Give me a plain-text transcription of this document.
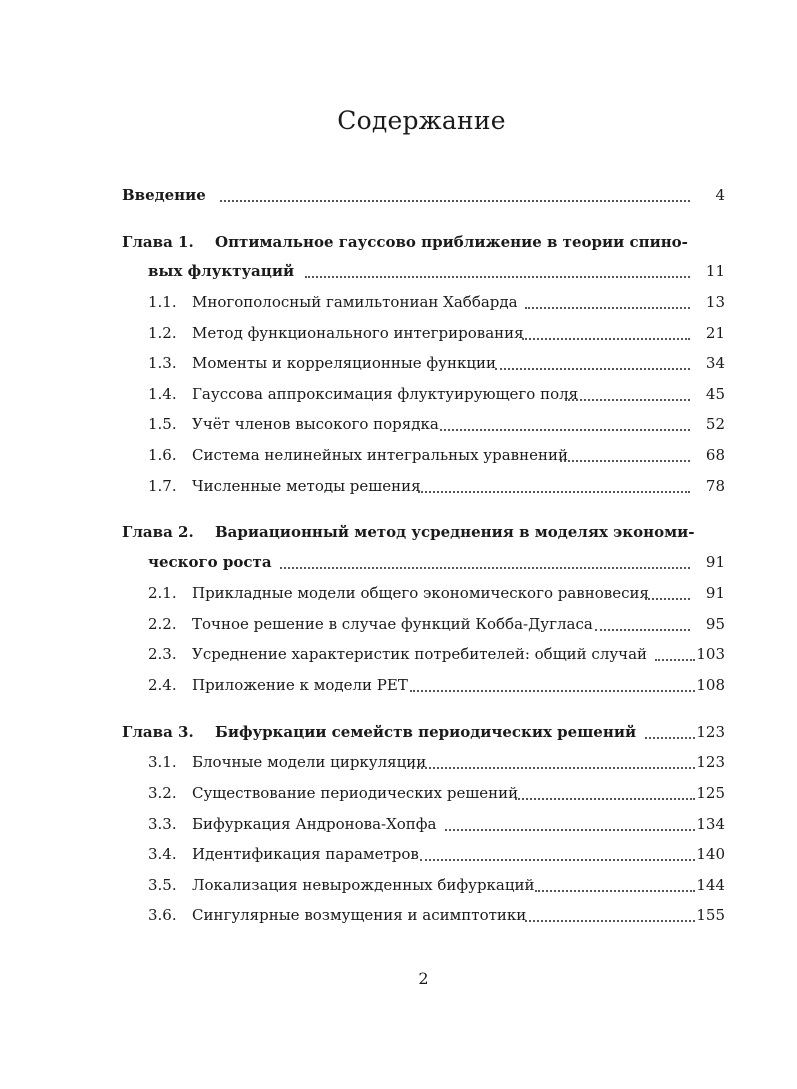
Содержание
Введение	4
Глава 1. Оптимальное гауссово приближение в теории спино-
вых флуктуаций	11
1.1. Многополосный гамильтониан Хаббарда	13
1.2. Метод функционального интегрирования	21
1.3. Моменты и корреляционные функции	34
1.4. Гауссова аппроксимация флуктуирующего поля	45
1.5. Учёт членов высокого порядка	52
1.6. Система нелинейных интегральных уравнений	68
1.7. Численные методы решения	78
Глава 2. Вариационный метод усреднения в моделях экономи-
ческого роста	91
2.1. Прикладные модели общего экономического равновесия	91
2.2. Точное решение в случае функций Кобба-Дугласа	95
2.3. Усреднение характеристик потребителей: общий случай	103
2.4. Приложение к модели PET	108
Глава 3. Бифуркации семейств периодических решений	123
3.1. Блочные модели циркуляции	123
3.2. Существование периодических решений	125
3.3. Бифуркация Андронова-Хопфа	134
3.4. Идентификация параметров	140
3.5. Локализация невырожденных бифуркаций	144
3.6. Сингулярные возмущения и асимптотики	155
2
